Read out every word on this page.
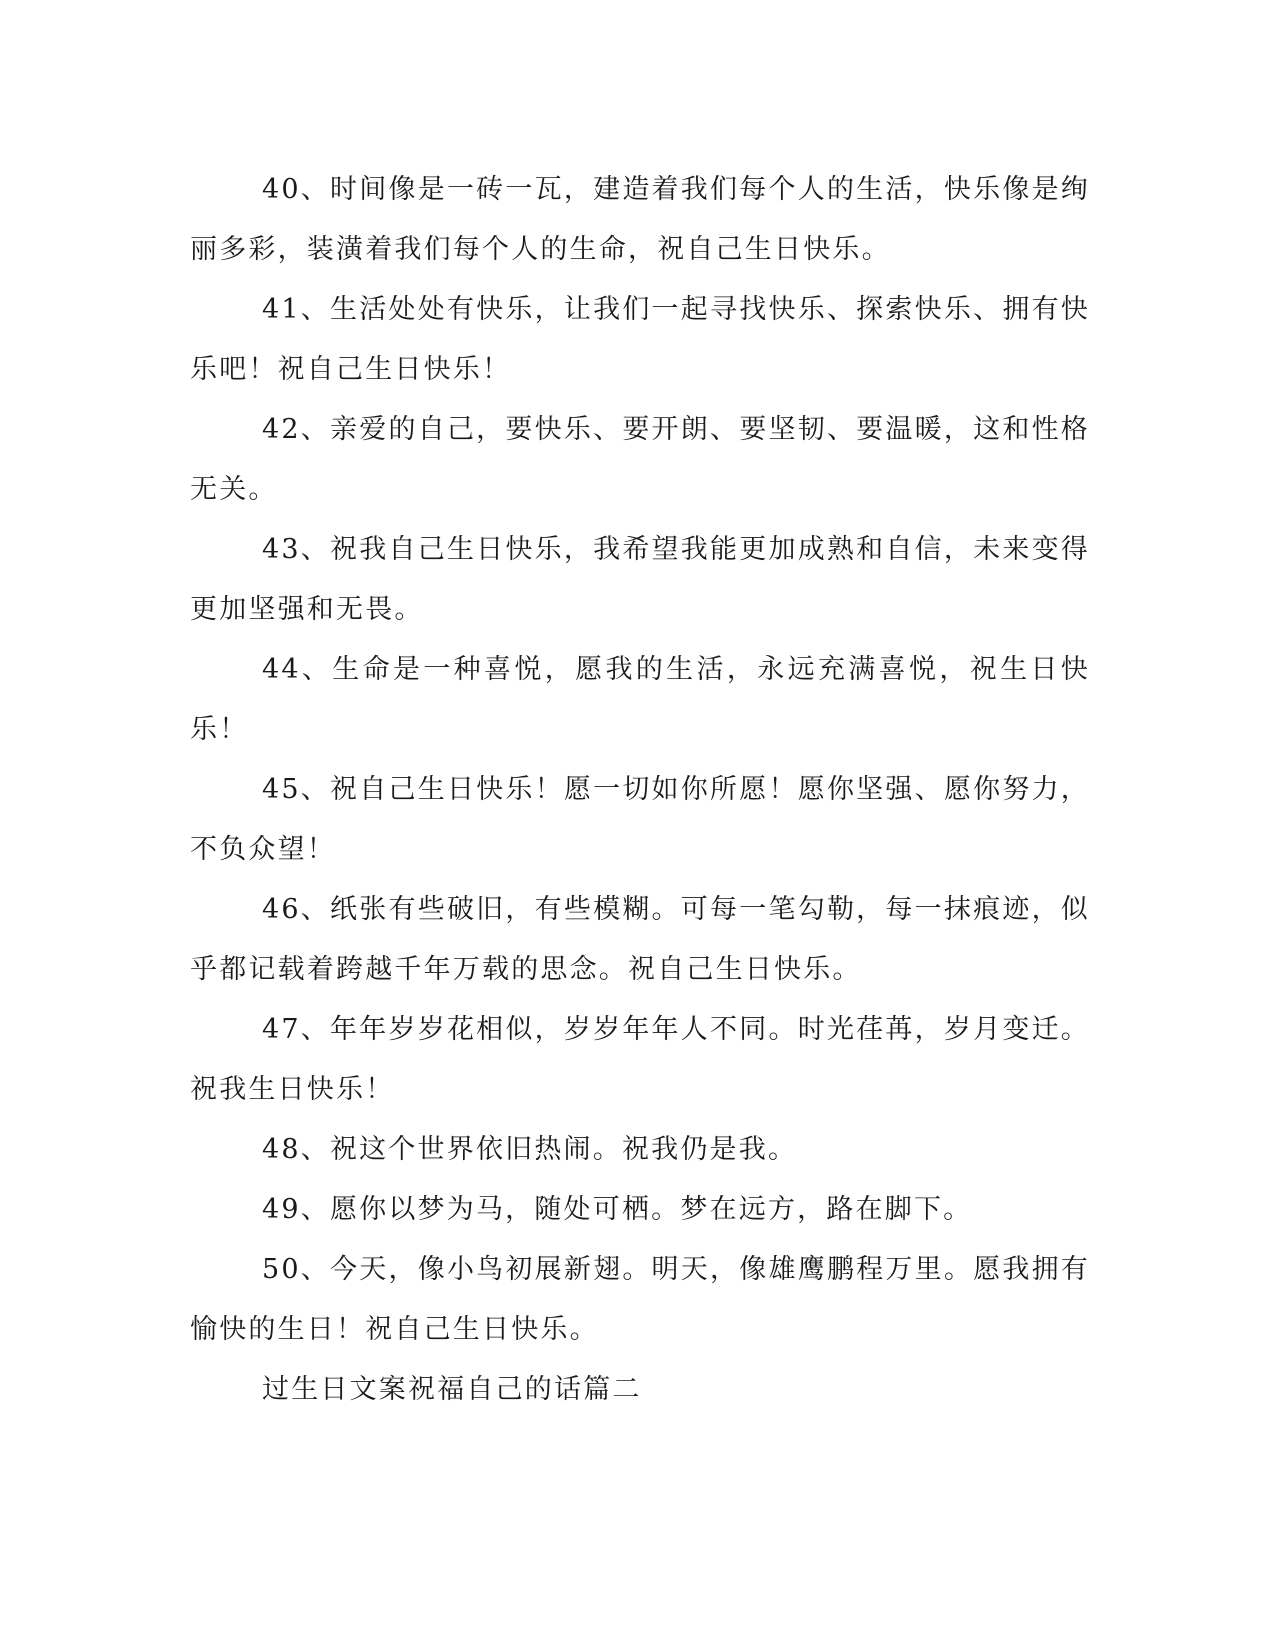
40、时间像是一砖一瓦，建造着我们每个人的生活，快乐像是绚丽多彩，装潢着我们每个人的生命，祝自己生日快乐。

41、生活处处有快乐，让我们一起寻找快乐、探索快乐、拥有快乐吧！祝自己生日快乐！

42、亲爱的自己，要快乐、要开朗、要坚韧、要温暖，这和性格无关。

43、祝我自己生日快乐，我希望我能更加成熟和自信，未来变得更加坚强和无畏。

44、生命是一种喜悦，愿我的生活，永远充满喜悦，祝生日快乐！

45、祝自己生日快乐！愿一切如你所愿！愿你坚强、愿你努力，不负众望！

46、纸张有些破旧，有些模糊。可每一笔勾勒，每一抹痕迹，似乎都记载着跨越千年万载的思念。祝自己生日快乐。

47、年年岁岁花相似，岁岁年年人不同。时光荏苒，岁月变迁。祝我生日快乐！

48、祝这个世界依旧热闹。祝我仍是我。

49、愿你以梦为马，随处可栖。梦在远方，路在脚下。

50、今天，像小鸟初展新翅。明天，像雄鹰鹏程万里。愿我拥有愉快的生日！祝自己生日快乐。

过生日文案祝福自己的话篇二
